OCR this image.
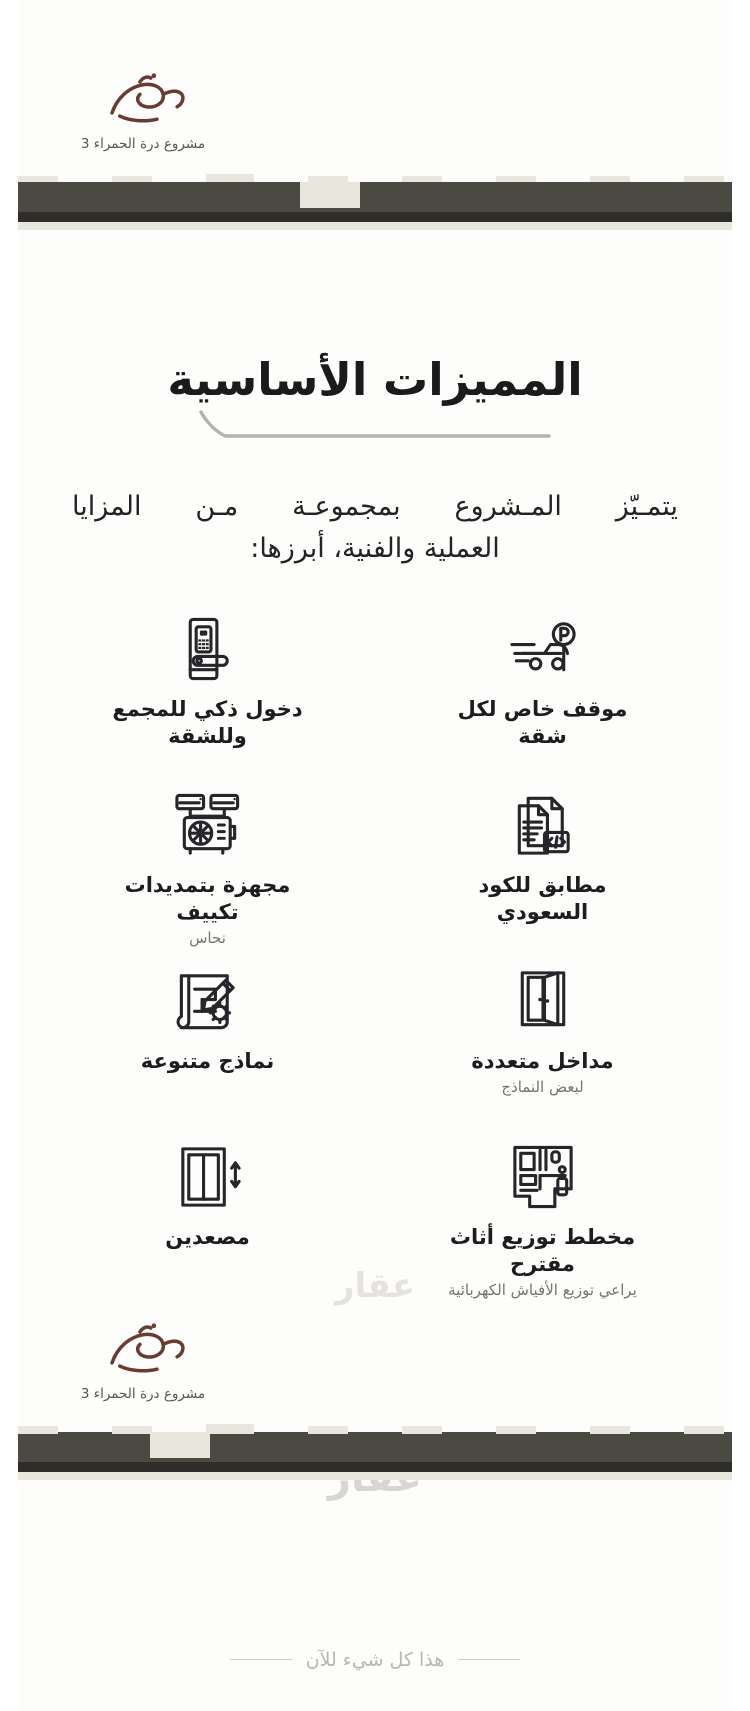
مشروع درة الحمراء 3
المميزات الأساسية
يتمـيّز المـشروع بمجموعـة مـن المزايا
العملية والفنية، أبرزها:
عقار
موقف خاص لكل شقة
دخول ذكي للمجمع وللشقة
مطابق للكود السعودي
مجهزة بتمديدات تكييف
نحاس
مداخل متعددة
لبعض النماذج
نماذج متنوعة
مخطط توزيع أثاث مقترح
يراعي توزيع الأفياش الكهربائية
مصعدين
مشروع درة الحمراء 3
هذا كل شيء للآن
